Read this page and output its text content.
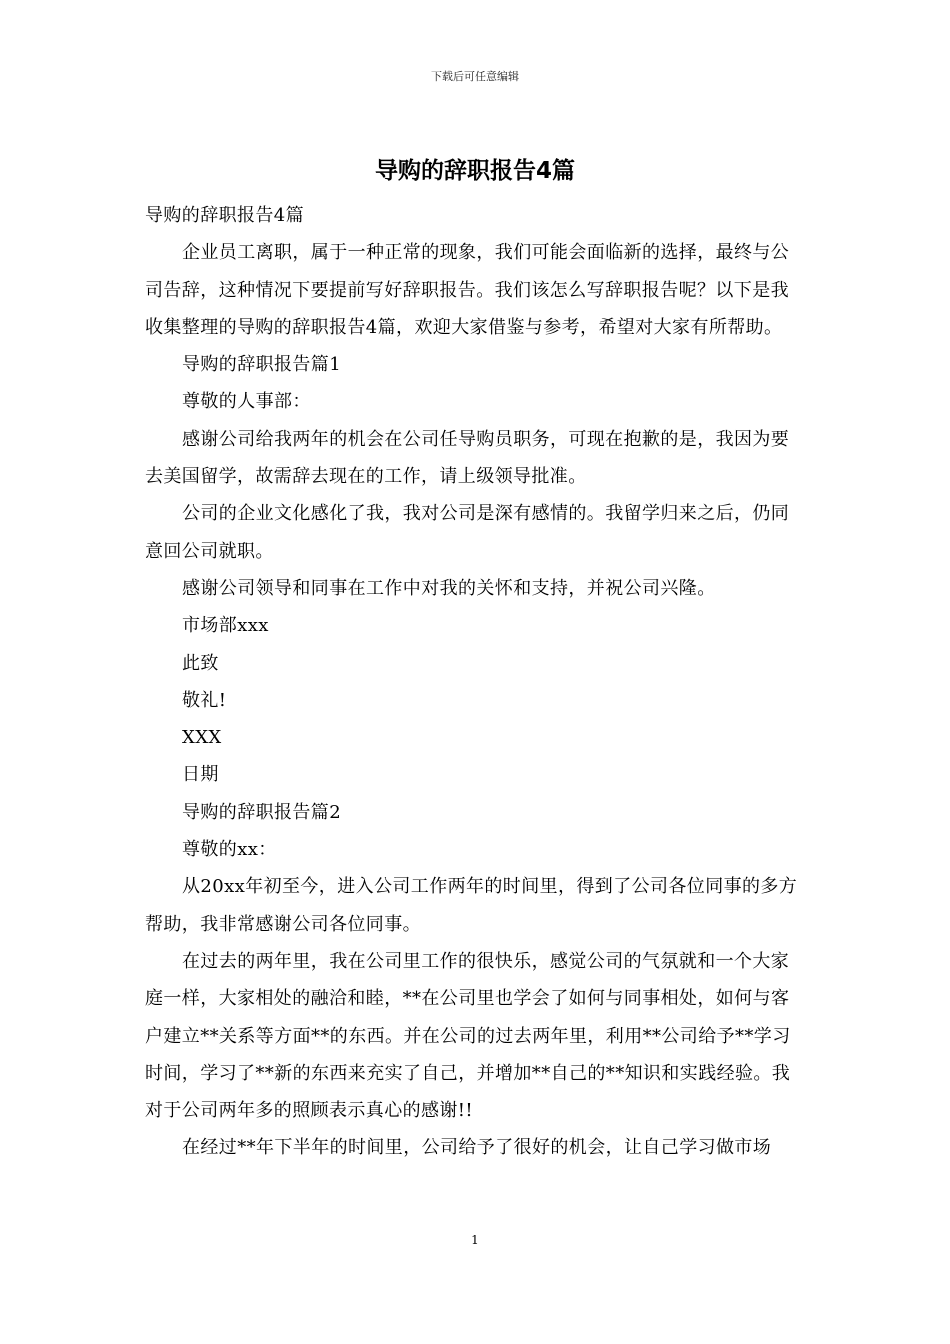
下载后可任意编辑
导购的辞职报告4篇

导购的辞职报告4篇

企业员工离职，属于一种正常的现象，我们可能会面临新的选择，最终与公司告辞，这种情况下要提前写好辞职报告。我们该怎么写辞职报告呢？以下是我收集整理的导购的辞职报告4篇，欢迎大家借鉴与参考，希望对大家有所帮助。

导购的辞职报告篇1

尊敬的人事部：

感谢公司给我两年的机会在公司任导购员职务，可现在抱歉的是，我因为要去美国留学，故需辞去现在的工作，请上级领导批准。

公司的企业文化感化了我，我对公司是深有感情的。我留学归来之后，仍同意回公司就职。

感谢公司领导和同事在工作中对我的关怀和支持，并祝公司兴隆。

市场部xxx

此致

敬礼!

XXX

日期

导购的辞职报告篇2

尊敬的xx：

从20xx年初至今，进入公司工作两年的时间里，得到了公司各位同事的多方帮助，我非常感谢公司各位同事。

在过去的两年里，我在公司里工作的很快乐，感觉公司的气氛就和一个大家庭一样，大家相处的融洽和睦，**在公司里也学会了如何与同事相处，如何与客户建立**关系等方面**的东西。并在公司的过去两年里，利用**公司给予**学习时间，学习了**新的东西来充实了自己，并增加**自己的**知识和实践经验。我对于公司两年多的照顾表示真心的感谢!!

在经过**年下半年的时间里，公司给予了很好的机会，让自己学习做市场

1
